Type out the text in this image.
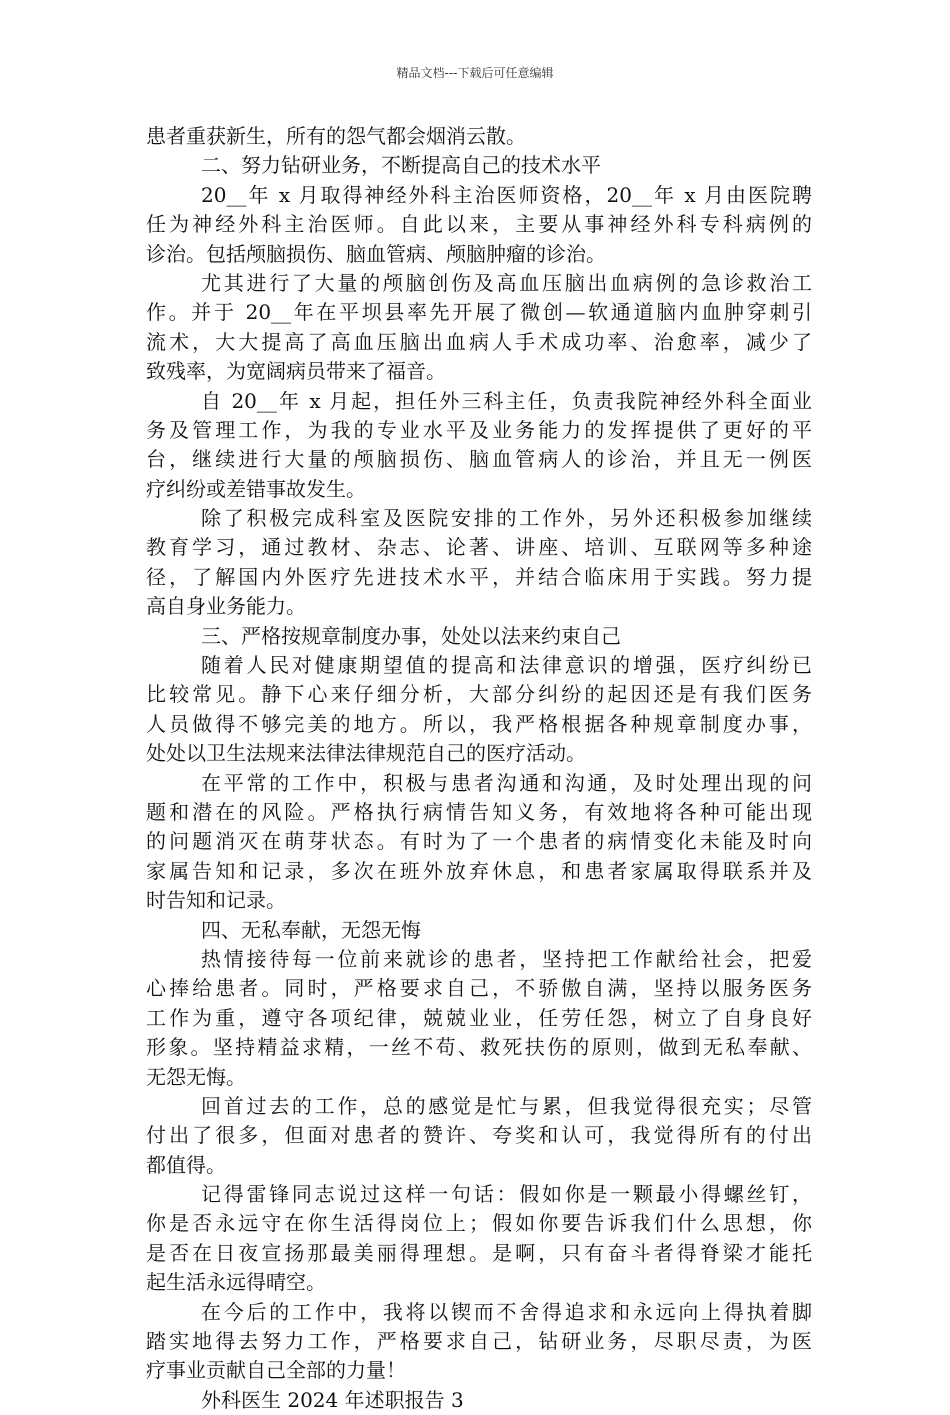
精品文档---下载后可任意编辑
患者重获新生，所有的怨气都会烟消云散。
二、努力钻研业务，不断提高自己的技术水平
20__年 x 月取得神经外科主治医师资格，20__年 x 月由医院聘
任为神经外科主治医师。自此以来，主要从事神经外科专科病例的
诊治。包括颅脑损伤、脑血管病、颅脑肿瘤的诊治。
尤其进行了大量的颅脑创伤及高血压脑出血病例的急诊救治工
作。并于 20__年在平坝县率先开展了微创—软通道脑内血肿穿刺引
流术，大大提高了高血压脑出血病人手术成功率、治愈率，减少了
致残率，为宽阔病员带来了福音。
自 20__年 x 月起，担任外三科主任，负责我院神经外科全面业
务及管理工作，为我的专业水平及业务能力的发挥提供了更好的平
台，继续进行大量的颅脑损伤、脑血管病人的诊治，并且无一例医
疗纠纷或差错事故发生。
除了积极完成科室及医院安排的工作外，另外还积极参加继续
教育学习，通过教材、杂志、论著、讲座、培训、互联网等多种途
径，了解国内外医疗先进技术水平，并结合临床用于实践。努力提
高自身业务能力。
三、严格按规章制度办事，处处以法来约束自己
随着人民对健康期望值的提高和法律意识的增强，医疗纠纷已
比较常见。静下心来仔细分析，大部分纠纷的起因还是有我们医务
人员做得不够完美的地方。所以，我严格根据各种规章制度办事，
处处以卫生法规来法律法律规范自己的医疗活动。
在平常的工作中，积极与患者沟通和沟通，及时处理出现的问
题和潜在的风险。严格执行病情告知义务，有效地将各种可能出现
的问题消灭在萌芽状态。有时为了一个患者的病情变化未能及时向
家属告知和记录，多次在班外放弃休息，和患者家属取得联系并及
时告知和记录。
四、无私奉献，无怨无悔
热情接待每一位前来就诊的患者，坚持把工作献给社会，把爱
心捧给患者。同时，严格要求自己，不骄傲自满，坚持以服务医务
工作为重，遵守各项纪律，兢兢业业，任劳任怨，树立了自身良好
形象。坚持精益求精，一丝不苟、救死扶伤的原则，做到无私奉献、
无怨无悔。
回首过去的工作，总的感觉是忙与累，但我觉得很充实；尽管
付出了很多，但面对患者的赞许、夸奖和认可，我觉得所有的付出
都值得。
记得雷锋同志说过这样一句话：假如你是一颗最小得螺丝钉，
你是否永远守在你生活得岗位上；假如你要告诉我们什么思想，你
是否在日夜宣扬那最美丽得理想。是啊，只有奋斗者得脊梁才能托
起生活永远得晴空。
在今后的工作中，我将以锲而不舍得追求和永远向上得执着脚
踏实地得去努力工作，严格要求自己，钻研业务，尽职尽责，为医
疗事业贡献自己全部的力量！
外科医生 2024 年述职报告 3
